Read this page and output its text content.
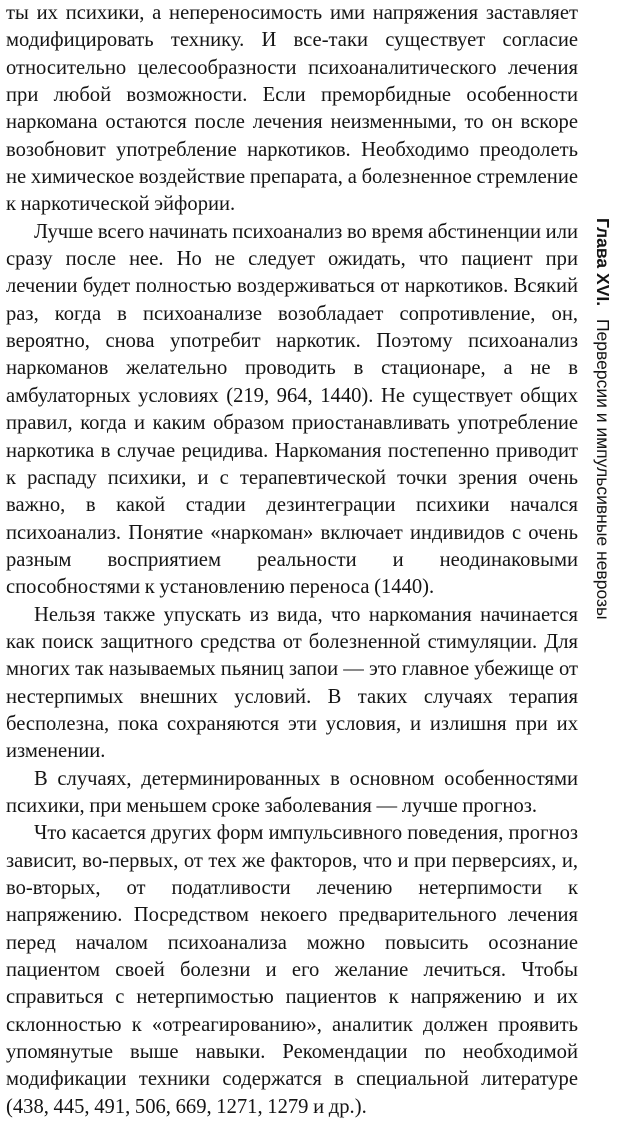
ты их психики, а непереносимость ими напряжения заставляет модифицировать технику. И все-таки существует согласие относительно целесообразности психоаналитического лечения при любой возможности. Если преморбидные особенности наркомана остаются после лечения неизменными, то он вскоре возобновит употребление наркотиков. Необходимо преодолеть не химическое воздействие препарата, а болезненное стремление к наркотической эйфории.

Лучше всего начинать психоанализ во время абстиненции или сразу после нее. Но не следует ожидать, что пациент при лечении будет полностью воздерживаться от наркотиков. Всякий раз, когда в психоанализе возобладает сопротивление, он, вероятно, снова употребит наркотик. Поэтому психоанализ наркоманов желательно проводить в стационаре, а не в амбулаторных условиях (219, 964, 1440). Не существует общих правил, когда и каким образом приостанавливать употребление наркотика в случае рецидива. Наркомания постепенно приводит к распаду психики, и с терапевтической точки зрения очень важно, в какой стадии дезинтеграции психики начался психоанализ. Понятие «наркоман» включает индивидов с очень разным восприятием реальности и неодинаковыми способностями к установлению переноса (1440).

Нельзя также упускать из вида, что наркомания начинается как поиск защитного средства от болезненной стимуляции. Для многих так называемых пьяниц запои — это главное убежище от нестерпимых внешних условий. В таких случаях терапия бесполезна, пока сохраняются эти условия, и излишня при их изменении.

В случаях, детерминированных в основном особенностями психики, при меньшем сроке заболевания — лучше прогноз.

Что касается других форм импульсивного поведения, прогноз зависит, во-первых, от тех же факторов, что и при перверсиях, и, во-вторых, от податливости лечению нетерпимости к напряжению. Посредством некоего предварительного лечения перед началом психоанализа можно повысить осознание пациентом своей болезни и его желание лечиться. Чтобы справиться с нетерпимостью пациентов к напряжению и их склонностью к «отреагированию», аналитик должен проявить упомянутые выше навыки. Рекомендации по необходимой модификации техники содержатся в специальной литературе (438, 445, 491, 506, 669, 1271, 1279 и др.).

Глава XVI. Перверсии и импульсивные неврозы
